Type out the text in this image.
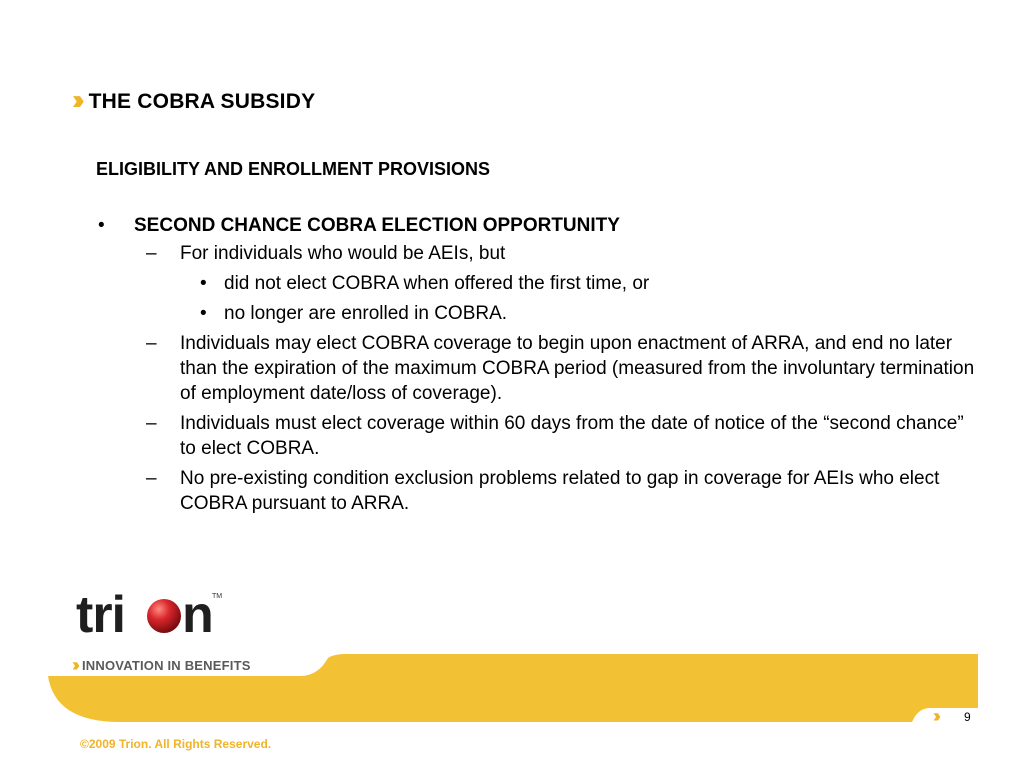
›› THE COBRA SUBSIDY
ELIGIBILITY AND ENROLLMENT PROVISIONS
• SECOND CHANCE COBRA ELECTION OPPORTUNITY
– For individuals who would be AEIs, but
• did not elect COBRA when offered the first time, or
• no longer are enrolled in COBRA.
– Individuals may elect COBRA coverage to begin upon enactment of ARRA, and end no later than the expiration of the maximum COBRA period (measured from the involuntary termination of employment date/loss of coverage).
– Individuals must elect coverage within 60 days from the date of notice of the “second chance” to elect COBRA.
– No pre-existing condition exclusion problems related to gap in coverage for AEIs who elect COBRA pursuant to ARRA.
tri n
TM
›› INNOVATION IN BENEFITS
›› 9
©2009 Trion. All Rights Reserved.
